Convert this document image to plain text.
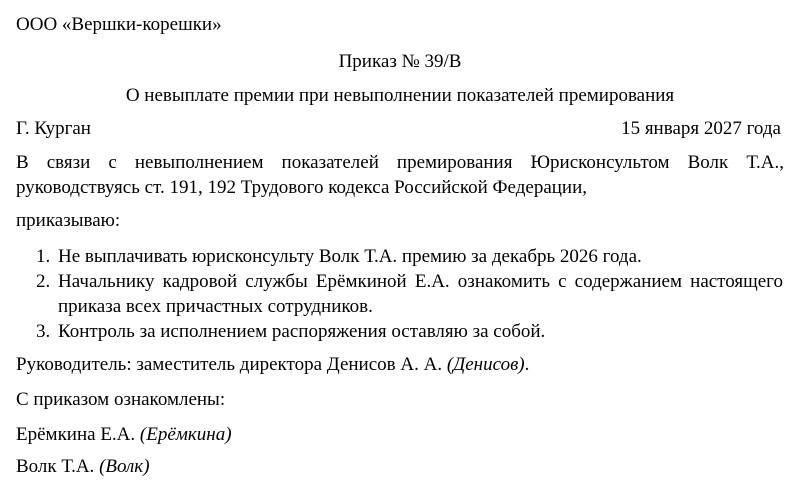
ООО «Вершки-корешки»
Приказ № 39/В
О невыплате премии при невыполнении показателей премирования
Г. Курган	15 января 2027 года
В связи с невыполнением показателей премирования Юрисконсультом Волк Т.А., руководствуясь ст. 191, 192 Трудового кодекса Российской Федерации,
приказываю:
1. Не выплачивать юрисконсульту Волк Т.А. премию за декабрь 2026 года.
2. Начальнику кадровой службы Ерёмкиной Е.А. ознакомить с содержанием настоящего приказа всех причастных сотрудников.
3. Контроль за исполнением распоряжения оставляю за собой.
Руководитель: заместитель директора Денисов А. А. (Денисов).
С приказом ознакомлены:
Ерёмкина Е.А. (Ерёмкина)
Волк Т.А. (Волк)
